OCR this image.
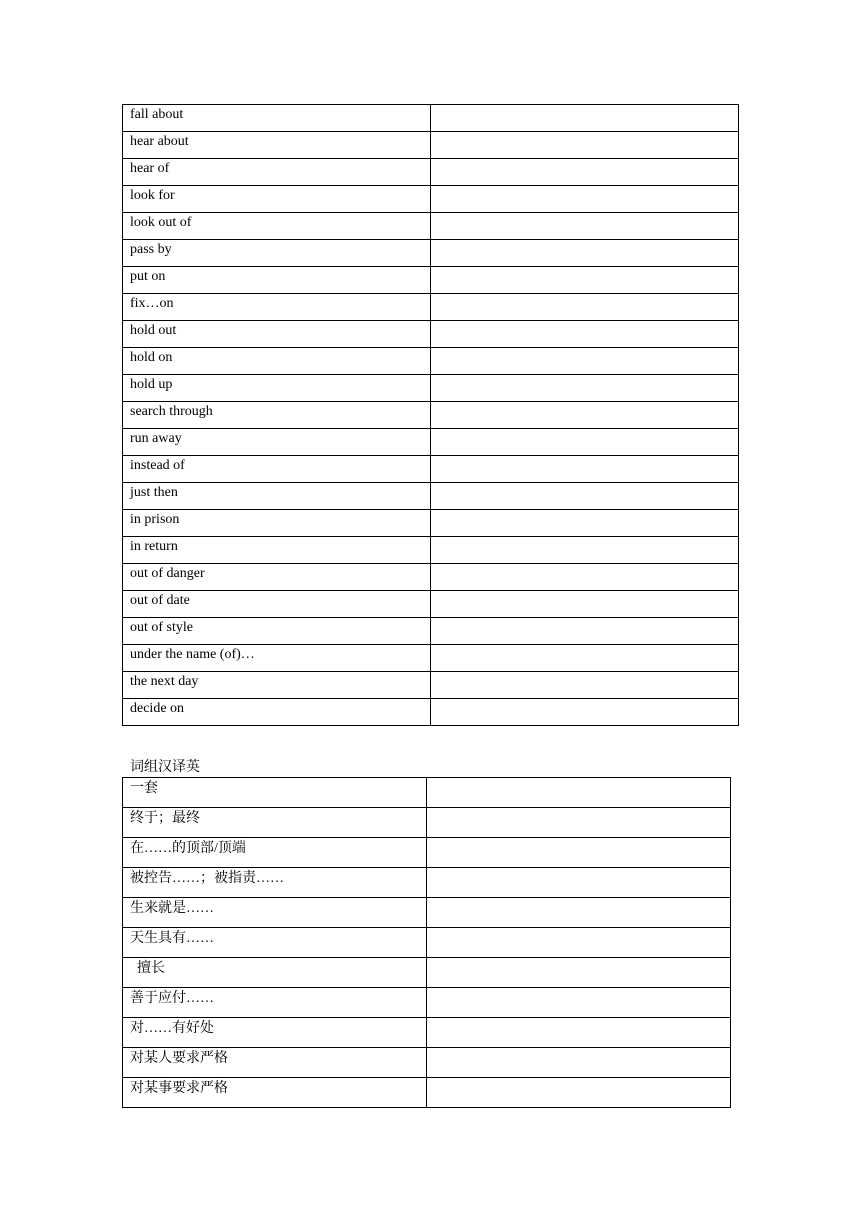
fall about	
hear about	
hear of	
look for	
look out of	
pass by	
put on	
fix…on	
hold out	
hold on	
hold up	
search through	
run away	
instead of	
just then	
in prison	
in return	
out of danger	
out of date	
out of style	
under the name (of)…	
the next day	
decide on	
词组汉译英
一套	
终于；最终	
在……的顶部/顶端	
被控告……；被指责……	
生来就是……	
天生具有……	
擅长	
善于应付……	
对……有好处	
对某人要求严格	
对某事要求严格	
